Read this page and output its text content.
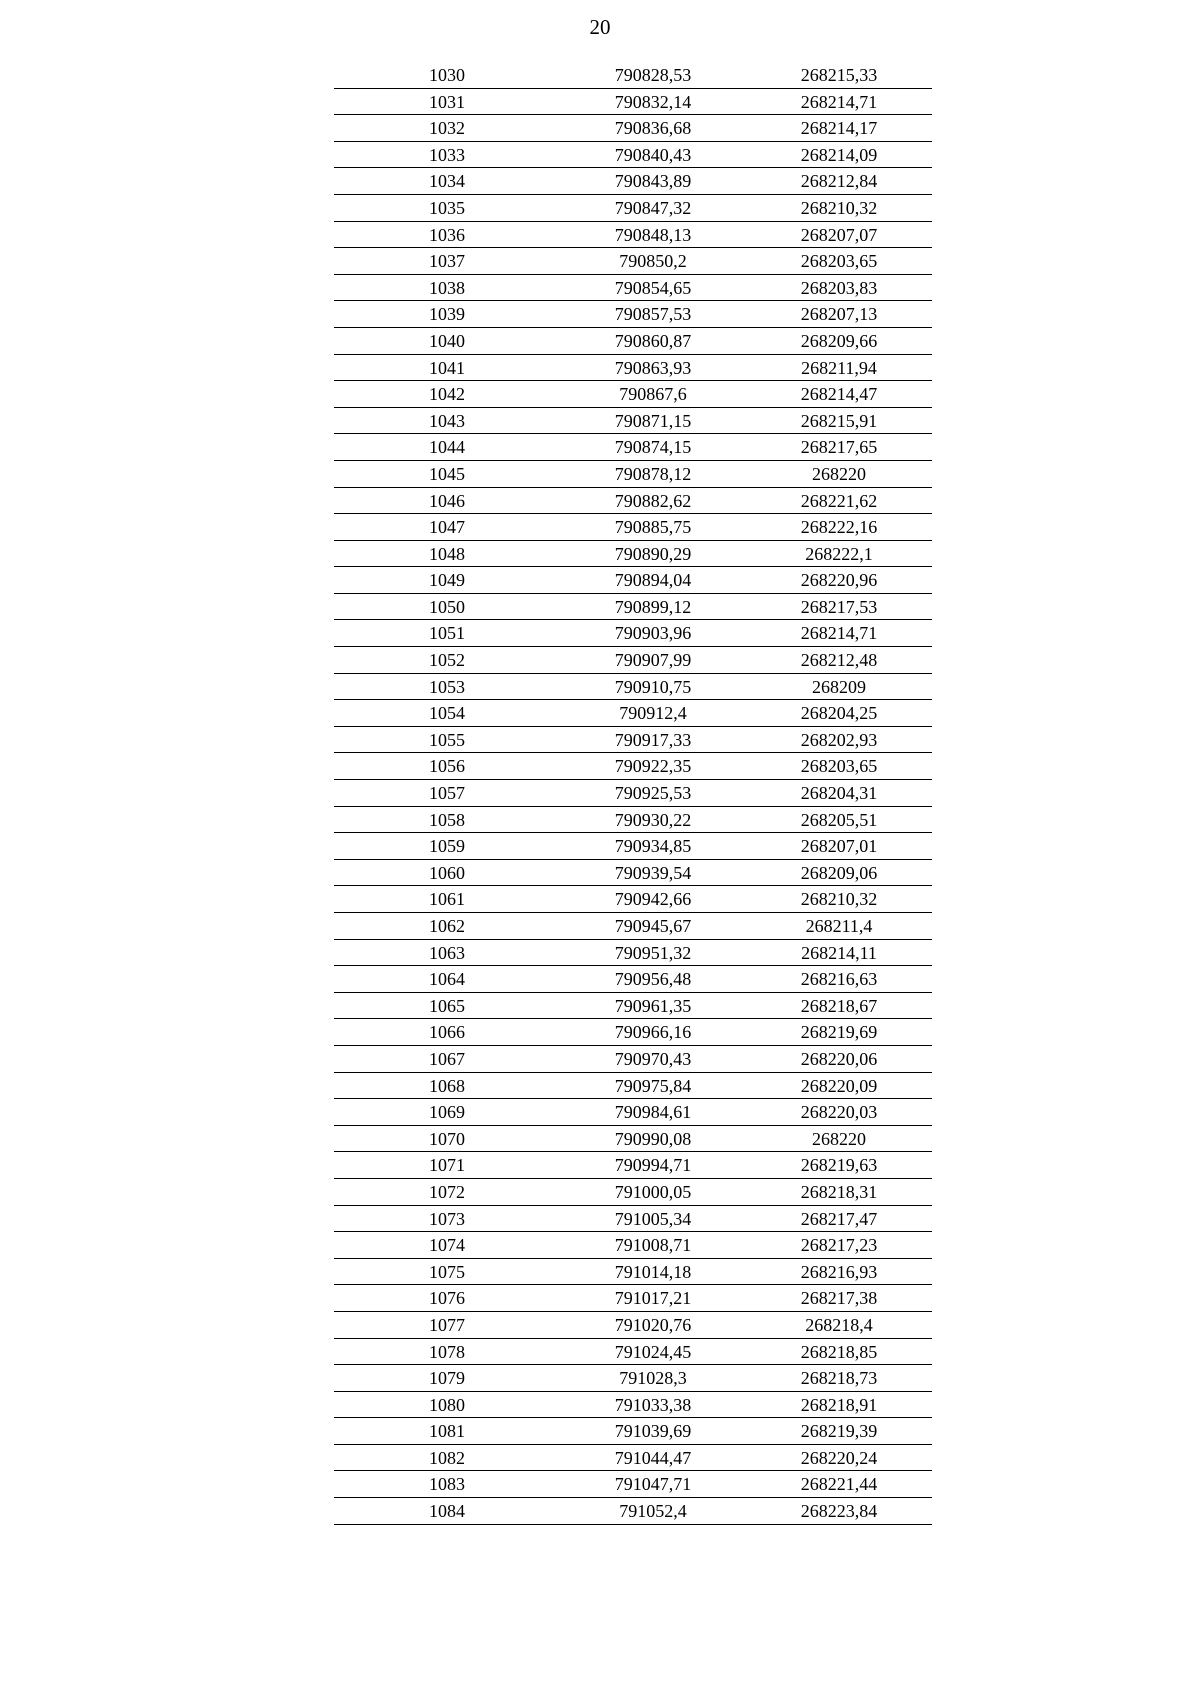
20
1030	790828,53	268215,33
1031	790832,14	268214,71
1032	790836,68	268214,17
1033	790840,43	268214,09
1034	790843,89	268212,84
1035	790847,32	268210,32
1036	790848,13	268207,07
1037	790850,2	268203,65
1038	790854,65	268203,83
1039	790857,53	268207,13
1040	790860,87	268209,66
1041	790863,93	268211,94
1042	790867,6	268214,47
1043	790871,15	268215,91
1044	790874,15	268217,65
1045	790878,12	268220
1046	790882,62	268221,62
1047	790885,75	268222,16
1048	790890,29	268222,1
1049	790894,04	268220,96
1050	790899,12	268217,53
1051	790903,96	268214,71
1052	790907,99	268212,48
1053	790910,75	268209
1054	790912,4	268204,25
1055	790917,33	268202,93
1056	790922,35	268203,65
1057	790925,53	268204,31
1058	790930,22	268205,51
1059	790934,85	268207,01
1060	790939,54	268209,06
1061	790942,66	268210,32
1062	790945,67	268211,4
1063	790951,32	268214,11
1064	790956,48	268216,63
1065	790961,35	268218,67
1066	790966,16	268219,69
1067	790970,43	268220,06
1068	790975,84	268220,09
1069	790984,61	268220,03
1070	790990,08	268220
1071	790994,71	268219,63
1072	791000,05	268218,31
1073	791005,34	268217,47
1074	791008,71	268217,23
1075	791014,18	268216,93
1076	791017,21	268217,38
1077	791020,76	268218,4
1078	791024,45	268218,85
1079	791028,3	268218,73
1080	791033,38	268218,91
1081	791039,69	268219,39
1082	791044,47	268220,24
1083	791047,71	268221,44
1084	791052,4	268223,84
